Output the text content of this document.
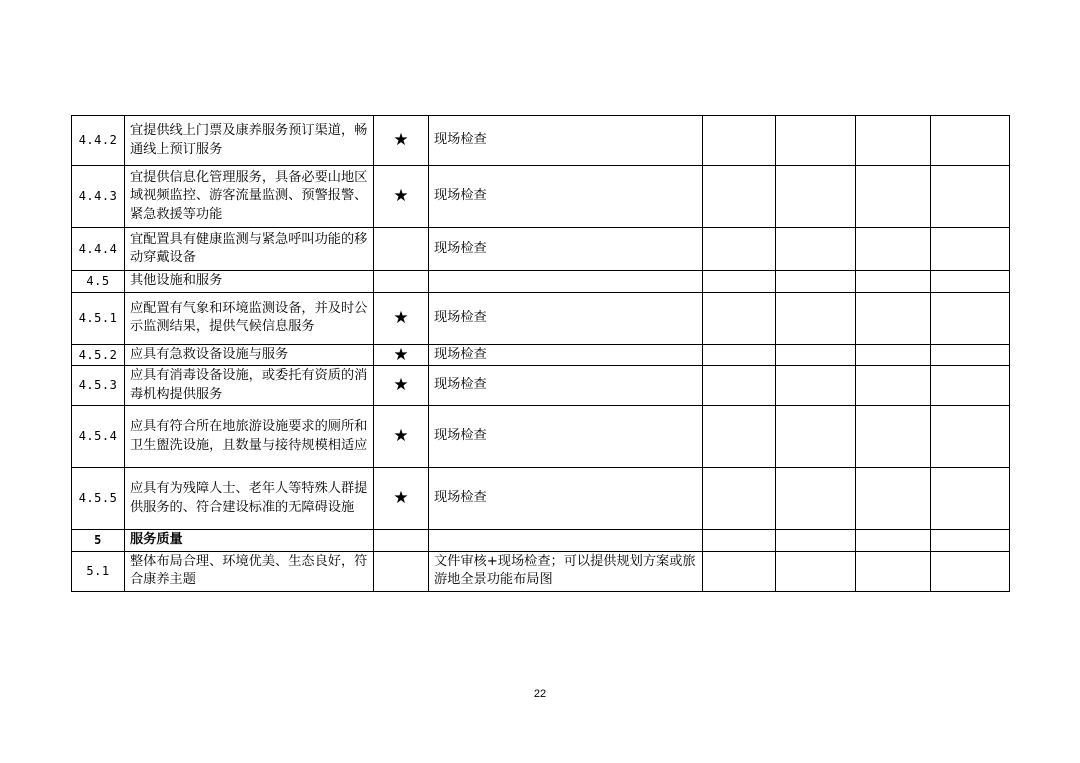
4.4.2	宜提供线上门票及康养服务预订渠道，畅通线上预订服务	★	现场检查				
4.4.3	宜提供信息化管理服务，具备必要山地区域视频监控、游客流量监测、预警报警、紧急救援等功能	★	现场检查				
4.4.4	宜配置具有健康监测与紧急呼叫功能的移动穿戴设备		现场检查				
4.5	其他设施和服务						
4.5.1	应配置有气象和环境监测设备，并及时公示监测结果，提供气候信息服务	★	现场检查				
4.5.2	应具有急救设备设施与服务	★	现场检查				
4.5.3	应具有消毒设备设施，或委托有资质的消毒机构提供服务	★	现场检查				
4.5.4	应具有符合所在地旅游设施要求的厕所和卫生盥洗设施，且数量与接待规模相适应	★	现场检查				
4.5.5	应具有为残障人士、老年人等特殊人群提供服务的、符合建设标准的无障碍设施	★	现场检查				
5	服务质量						
5.1	整体布局合理、环境优美、生态良好，符合康养主题		文件审核+现场检查；可以提供规划方案或旅游地全景功能布局图				
22
